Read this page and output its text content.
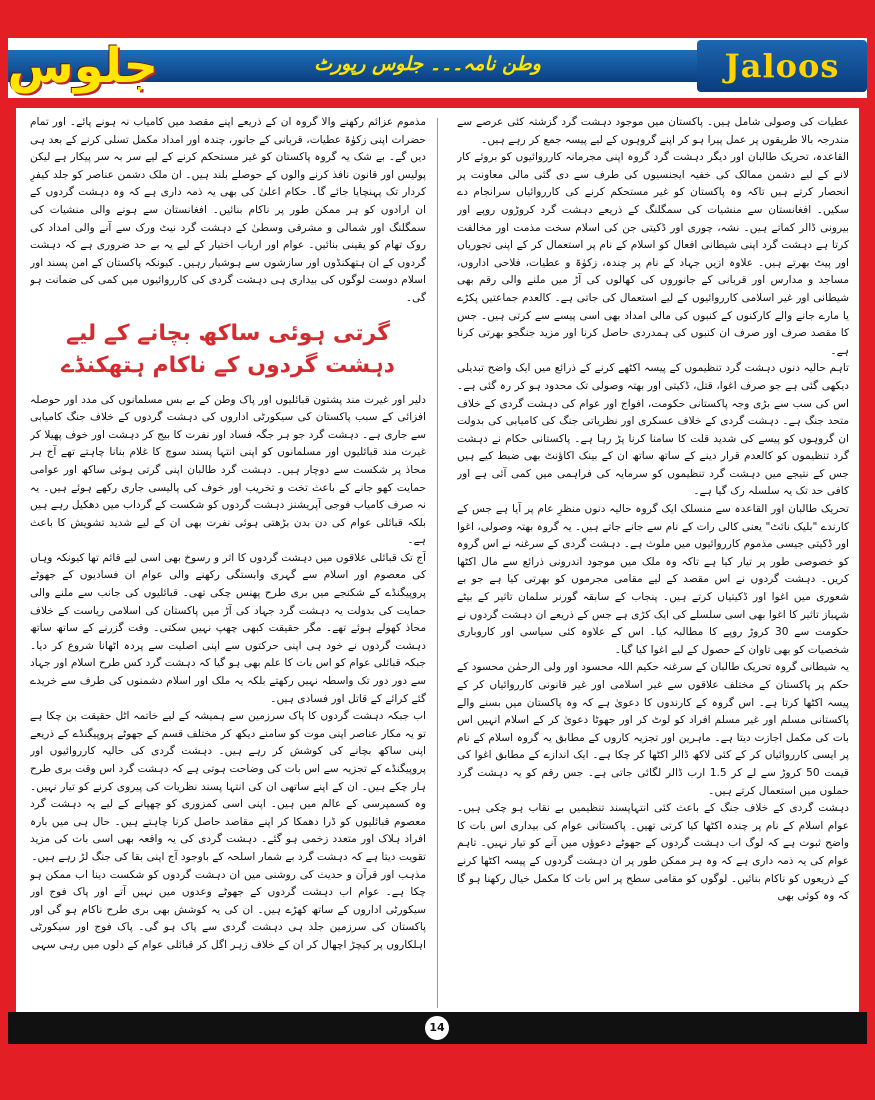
جلوس	وطن نامہ۔۔۔ جلوس رپورٹ	Jaloos

عطیات کی وصولی شامل ہیں۔ پاکستان میں موجود دہشت گرد گزشتہ کئی عرصے سے مندرجہ بالا طریقوں پر عمل پیرا ہو کر اپنے گروہوں کے لیے پیسہ جمع کر رہے ہیں۔

القاعدہ، تحریک طالبان اور دیگر دہشت گرد گروہ اپنی مجرمانہ کارروائیوں کو بروئے کار لانے کے لیے دشمن ممالک کی خفیہ ایجنسیوں کی طرف سے دی گئی مالی معاونت پر انحصار کرتے ہیں تاکہ وہ پاکستان کو غیر مستحکم کرنے کی کارروائیاں سرانجام دے سکیں۔ افغانستان سے منشیات کی سمگلنگ کے ذریعے دہشت گرد کروڑوں روپے اور بیرونی ڈالر کماتے ہیں۔ نشہ، چوری اور ڈکیتی جن کی اسلام سخت مذمت اور مخالفت کرتا ہے دہشت گرد اپنی شیطانی افعال کو اسلام کے نام پر استعمال کر کے اپنی تجوریاں اور پیٹ بھرتے ہیں۔ علاوہ ازیں جہاد کے نام پر چندہ، زکوٰۃ و عطیات، فلاحی اداروں، مساجد و مدارس اور قربانی کے جانوروں کی کھالوں کی آڑ میں ملنے والی رقم بھی شیطانی اور غیر اسلامی کارروائیوں کے لیے استعمال کی جاتی ہے۔ کالعدم جماعتیں پکڑے یا مارے جانے والے کارکنوں کے کنبوں کی مالی امداد بھی اسی پیسے سے کرتی ہیں۔ جس کا مقصد صرف اور صرف ان کنبوں کی ہمدردی حاصل کرنا اور مزید جنگجو بھرتی کرنا ہے۔

تاہم حالیہ دنوں دہشت گرد تنظیموں کے پیسہ اکٹھے کرنے کے ذرائع میں ایک واضح تبدیلی دیکھی گئی ہے جو صرف اغوا، قتل، ڈکیتی اور بھتہ وصولی تک محدود ہو کر رہ گئی ہے۔ اس کی سب سے بڑی وجہ پاکستانی حکومت، افواج اور عوام کی دہشت گردی کے خلاف متحد جنگ ہے۔ دہشت گردی کے خلاف عسکری اور نظریاتی جنگ کی کامیابی کی بدولت ان گروہوں کو پیسے کی شدید قلت کا سامنا کرنا پڑ رہا ہے۔ پاکستانی حکام نے دہشت گرد تنظیموں کو کالعدم قرار دینے کے ساتھ ساتھ ان کے بینک اکاؤنٹ بھی ضبط کیے ہیں جس کے نتیجے میں دہشت گرد تنظیموں کو سرمایہ کی فراہمی میں کمی آئی ہے اور کافی حد تک یہ سلسلہ رک گیا ہے۔

تحریک طالبان اور القاعدہ سے منسلک ایک گروہ حالیہ دنوں منظرِ عام پر آیا ہے جس کے کارندے "بلیک نائٹ" یعنی کالی رات کے نام سے جانے جاتے ہیں۔ یہ گروہ بھتہ وصولی، اغوا اور ڈکیتی جیسی مذموم کارروائیوں میں ملوث ہے۔ دہشت گردی کے سرغنہ نے اس گروہ کو خصوصی طور پر تیار کیا ہے تاکہ وہ ملک میں موجود اندرونی ذرائع سے مال اکٹھا کریں۔ دہشت گردوں نے اس مقصد کے لیے مقامی مجرموں کو بھرتی کیا ہے جو بے شعوری میں اغوا اور ڈکیتیاں کرتے ہیں۔ پنجاب کے سابقہ گورنر سلمان تاثیر کے بیٹے شہباز تاثیر کا اغوا بھی اسی سلسلے کی ایک کڑی ہے جس کے ذریعے ان دہشت گردوں نے حکومت سے 30 کروڑ روپے کا مطالبہ کیا۔ اس کے علاوہ کئی سیاسی اور کاروباری شخصیات کو بھی تاوان کے حصول کے لیے اغوا کیا گیا۔

یہ شیطانی گروہ تحریک طالبان کے سرغنہ حکیم اللہ محسود اور ولی الرحمٰن محسود کے حکم پر پاکستان کے مختلف علاقوں سے غیر اسلامی اور غیر قانونی کارروائیاں کر کے پیسہ اکٹھا کرتا ہے۔ اس گروہ کے کارندوں کا دعویٰ ہے کہ وہ پاکستان میں بسنے والے پاکستانی مسلم اور غیر مسلم افراد کو لوٹ کر اور جھوٹا دعویٰ کر کے اسلام انہیں اس بات کی مکمل اجازت دیتا ہے۔ ماہرین اور تجزیہ کاروں کے مطابق یہ گروہ اسلام کے نام پر ایسی کارروائیاں کر کے کئی لاکھ ڈالر اکٹھا کر چکا ہے۔ ایک اندازے کے مطابق اغوا کی قیمت 50 کروڑ سے لے کر 1.5 ارب ڈالر لگائی جاتی ہے۔ جس رقم کو یہ دہشت گرد حملوں میں استعمال کرتے ہیں۔

دہشت گردی کے خلاف جنگ کے باعث کئی انتہاپسند تنظیمیں بے نقاب ہو چکی ہیں۔ عوام اسلام کے نام پر چندہ اکٹھا کیا کرتی تھیں۔ پاکستانی عوام کی بیداری اس بات کا واضح ثبوت ہے کہ لوگ اب دہشت گردوں کے جھوٹے دعوؤں میں آنے کو تیار نہیں۔ تاہم عوام کی یہ ذمہ داری ہے کہ وہ ہر ممکن طور پر ان دہشت گردوں کے پیسہ اکٹھا کرنے کے ذریعوں کو ناکام بنائیں۔ لوگوں کو مقامی سطح پر اس بات کا مکمل خیال رکھنا ہو گا کہ وہ کوئی بھی

مذموم عزائم رکھنے والا گروہ ان کے ذریعے اپنے مقصد میں کامیاب نہ ہونے پائے۔ اور تمام حضرات اپنی زکوٰۃ عطیات، قربانی کے جانور، چندہ اور امداد مکمل تسلی کرنے کے بعد ہی دیں گے۔ بے شک یہ گروہ پاکستان کو غیر مستحکم کرنے کے لیے سر بہ سر پیکار ہے لیکن پولیس اور قانون نافذ کرنے والوں کے حوصلے بلند ہیں۔ ان ملک دشمن عناصر کو جلد کیفرِ کردار تک پہنچایا جائے گا۔ حکام اعلیٰ کی بھی یہ ذمہ داری ہے کہ وہ دہشت گردوں کے ان ارادوں کو ہر ممکن طور پر ناکام بنائیں۔ افغانستان سے ہونے والی منشیات کی سمگلنگ اور شمالی و مشرقی وسطیٰ کے دہشت گرد نیٹ ورک سے آنے والی امداد کی روک تھام کو یقینی بنائیں۔ عوام اور ارباب اختیار کے لیے یہ بے حد ضروری ہے کہ دہشت گردوں کے ان ہتھکنڈوں اور سازشوں سے ہوشیار رہیں۔ کیونکہ پاکستان کے امن پسند اور اسلام دوست لوگوں کی بیداری ہی دہشت گردی کی کارروائیوں میں کمی کی ضمانت ہو گی۔

گرتی ہوئی ساکھ بچانے کے لیے
دہشت گردوں کے ناکام ہتھکنڈے

دلیر اور غیرت مند پشتون قبائلیوں اور پاک وطن کے بے بس مسلمانوں کی مدد اور حوصلہ افزائی کے سبب پاکستان کی سیکورٹی اداروں کی دہشت گردوں کے خلاف جنگ کامیابی سے جاری ہے۔ دہشت گرد جو ہر جگہ فساد اور نفرت کا بیج کر دہشت اور خوف پھیلا کر غیرت مند قبائلیوں اور مسلمانوں کو اپنی انتہا پسند سوچ کا غلام بنانا چاہتے تھے آج ہر محاذ پر شکست سے دوچار ہیں۔ دہشت گرد طالبان اپنی گرتی ہوئی ساکھ اور عوامی حمایت کھو جانے کے باعث تخت و تخریب اور خوف کی پالیسی جاری رکھے ہوئے ہیں۔ یہ نہ صرف کامیاب فوجی آپریشنز دہشت گردوں کو شکست کے گرداب میں دھکیل رہے ہیں بلکہ قبائلی عوام کی دن بدن بڑھتی ہوئی نفرت بھی ان کے لیے شدید تشویش کا باعث ہے۔

آج تک قبائلی علاقوں میں دہشت گردوں کا اثر و رسوخ بھی اسی لیے قائم تھا کیونکہ وہاں کی معصوم اور اسلام سے گہری وابستگی رکھنے والی عوام ان فسادیوں کے جھوٹے پروپیگنڈے کے شکنجے میں بری طرح پھنس چکی تھی۔ قبائلیوں کی جانب سے ملنے والی حمایت کی بدولت یہ دہشت گرد جہاد کی آڑ میں پاکستان کی اسلامی ریاست کے خلاف محاذ کھولے ہوئے تھے۔ مگر حقیقت کبھی چھپ نہیں سکتی۔ وقت گزرنے کے ساتھ ساتھ دہشت گردوں نے خود ہی اپنی حرکتوں سے اپنی اصلیت سے پردہ اٹھانا شروع کر دیا۔ جبکہ قبائلی عوام کو اس بات کا علم بھی ہو گیا کہ دہشت گرد کس طرح اسلام اور جہاد سے دور دور تک واسطہ نہیں رکھتے بلکہ یہ ملک اور اسلام دشمنوں کی طرف سے خریدے گئے کرائے کے قاتل اور فسادی ہیں۔

اب جبکہ دہشت گردوں کا پاک سرزمین سے ہمیشہ کے لیے خاتمہ اٹل حقیقت بن چکا ہے تو یہ مکار عناصر اپنی موت کو سامنے دیکھ کر مختلف قسم کے جھوٹے پروپیگنڈے کے ذریعے اپنی ساکھ بچانے کی کوشش کر رہے ہیں۔ دہشت گردی کی حالیہ کارروائیوں اور پروپیگنڈے کے تجزیہ سے اس بات کی وضاحت ہوتی ہے کہ دہشت گرد اس وقت بری طرح ہار چکے ہیں۔ ان کے اپنے ساتھی ان کی انتہا پسند نظریات کی پیروی کرنے کو تیار نہیں۔ وہ کسمپرسی کے عالم میں ہیں۔ اپنی اسی کمزوری کو چھپانے کے لیے یہ دہشت گرد معصوم قبائلیوں کو ڈرا دھمکا کر اپنے مقاصد حاصل کرنا چاہتے ہیں۔ حال ہی میں بارہ افراد ہلاک اور متعدد زخمی ہو گئے۔ دہشت گردی کی یہ واقعہ بھی اسی بات کی مزید تقویت دیتا ہے کہ دہشت گرد بے شمار اسلحہ کے باوجود آج اپنی بقا کی جنگ لڑ رہے ہیں۔

مذہب اور قرآن و حدیث کی روشنی میں ان دہشت گردوں کو شکست دینا اب ممکن ہو چکا ہے۔ عوام اب دہشت گردوں کے جھوٹے وعدوں میں نہیں آتے اور پاک فوج اور سیکورٹی اداروں کے ساتھ کھڑے ہیں۔ ان کی یہ کوشش بھی بری طرح ناکام ہو گی اور پاکستان کی سرزمین جلد ہی دہشت گردی سے پاک ہو گی۔ پاک فوج اور سیکورٹی اہلکاروں پر کیچڑ اچھال کر ان کے خلاف زہر اگل کر قبائلی عوام کے دلوں میں رہی سہی

14
